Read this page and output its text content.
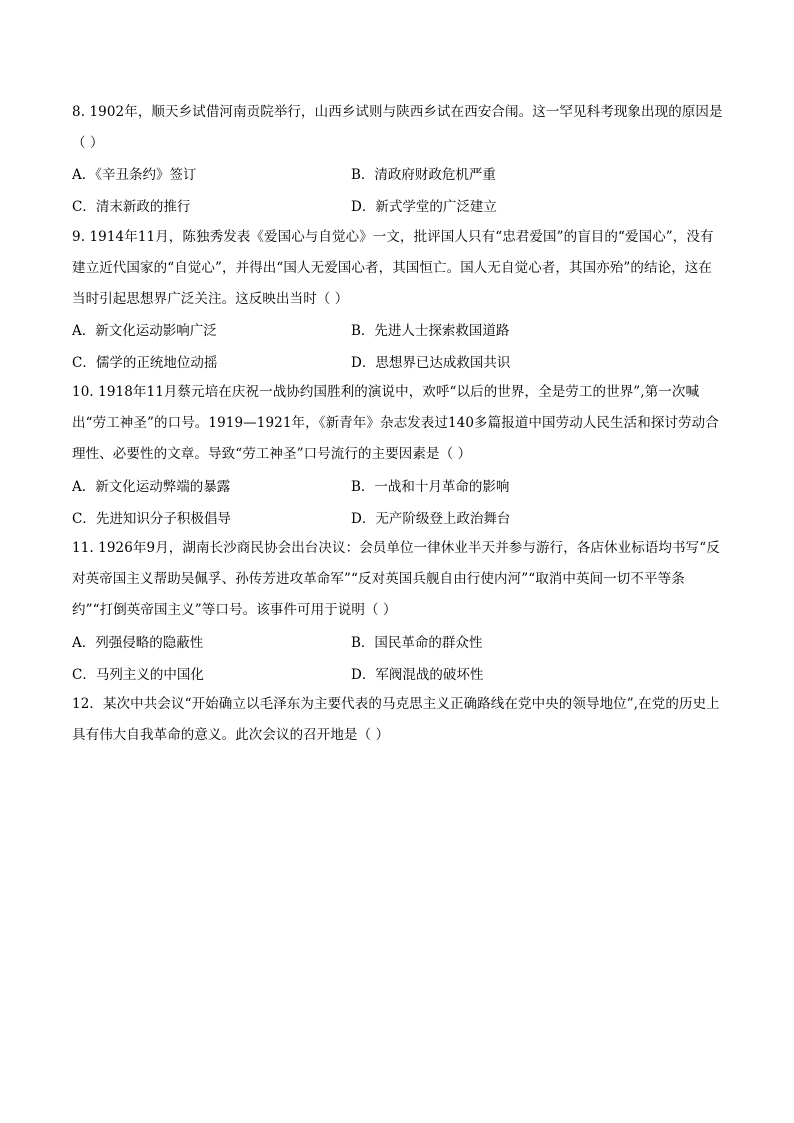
8. 1902年，顺天乡试借河南贡院举行，山西乡试则与陕西乡试在西安合闱。这一罕见科考现象出现的原因是（ ）
A．《辛丑条约》签订	B．清政府财政危机严重
C．清末新政的推行	D．新式学堂的广泛建立
9. 1914年11月，陈独秀发表《爱国心与自觉心》一文，批评国人只有“忠君爱国”的盲目的“爱国心”，没有建立近代国家的“自觉心”，并得出“国人无爱国心者，其国恒亡。国人无自觉心者，其国亦殆”的结论，这在当时引起思想界广泛关注。这反映出当时（ ）
A．新文化运动影响广泛	B．先进人士探索救国道路
C．儒学的正统地位动摇	D．思想界已达成救国共识
10. 1918年11月蔡元培在庆祝一战协约国胜利的演说中，欢呼“以后的世界，全是劳工的世界”,第一次喊出“劳工神圣”的口号。1919—1921年，《新青年》杂志发表过140多篇报道中国劳动人民生活和探讨劳动合理性、必要性的文章。导致“劳工神圣”口号流行的主要因素是（ ）
A．新文化运动弊端的暴露	B．一战和十月革命的影响
C．先进知识分子积极倡导	D．无产阶级登上政治舞台
11. 1926年9月，湖南长沙商民协会出台决议：会员单位一律休业半天并参与游行，各店休业标语均书写“反对英帝国主义帮助吴佩孚、孙传芳进攻革命军”“反对英国兵舰自由行使内河”“取消中英间一切不平等条约”“打倒英帝国主义”等口号。该事件可用于说明（ ）
A．列强侵略的隐蔽性	B．国民革命的群众性
C．马列主义的中国化	D．军阀混战的破坏性
12．某次中共会议“开始确立以毛泽东为主要代表的马克思主义正确路线在党中央的领导地位”,在党的历史上具有伟大自我革命的意义。此次会议的召开地是（ ）
